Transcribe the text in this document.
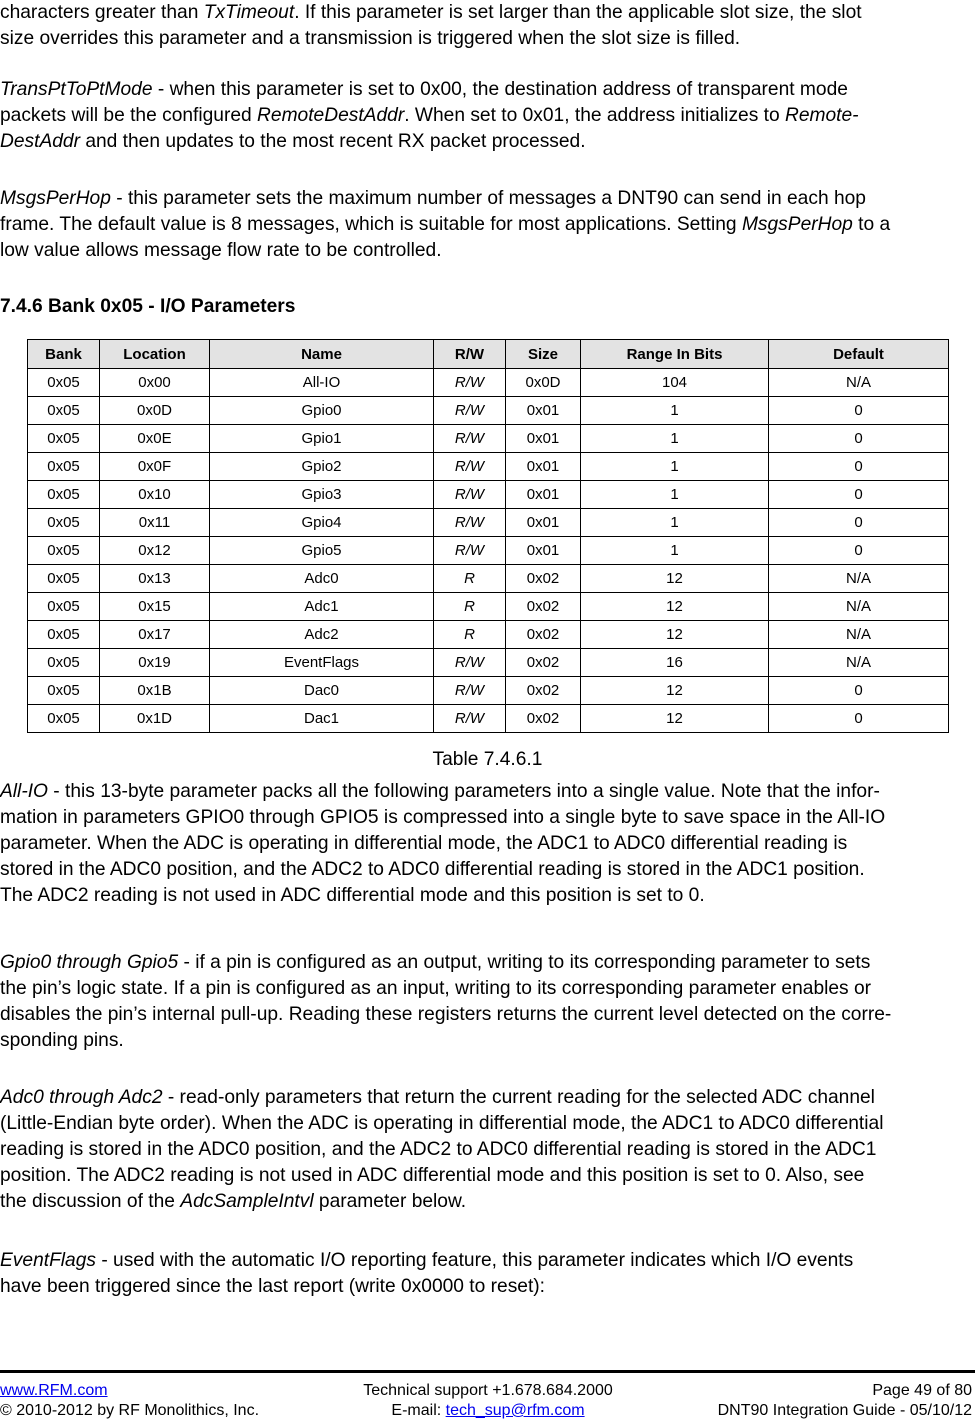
characters greater than TxTimeout. If this parameter is set larger than the applicable slot size, the slot
size overrides this parameter and a transmission is triggered when the slot size is filled.

TransPtToPtMode - when this parameter is set to 0x00, the destination address of transparent mode
packets will be the configured RemoteDestAddr. When set to 0x01, the address initializes to Remote-
DestAddr and then updates to the most recent RX packet processed.

MsgsPerHop - this parameter sets the maximum number of messages a DNT90 can send in each hop
frame. The default value is 8 messages, which is suitable for most applications. Setting MsgsPerHop to a
low value allows message flow rate to be controlled.

7.4.6 Bank 0x05 - I/O Parameters
Bank	Location	Name	R/W	Size	Range In Bits	Default
0x05	0x00	All-IO	R/W	0x0D	104	N/A
0x05	0x0D	Gpio0	R/W	0x01	1	0
0x05	0x0E	Gpio1	R/W	0x01	1	0
0x05	0x0F	Gpio2	R/W	0x01	1	0
0x05	0x10	Gpio3	R/W	0x01	1	0
0x05	0x11	Gpio4	R/W	0x01	1	0
0x05	0x12	Gpio5	R/W	0x01	1	0
0x05	0x13	Adc0	R	0x02	12	N/A
0x05	0x15	Adc1	R	0x02	12	N/A
0x05	0x17	Adc2	R	0x02	12	N/A
0x05	0x19	EventFlags	R/W	0x02	16	N/A
0x05	0x1B	Dac0	R/W	0x02	12	0
0x05	0x1D	Dac1	R/W	0x02	12	0

Table 7.4.6.1

All-IO - this 13-byte parameter packs all the following parameters into a single value. Note that the infor-
mation in parameters GPIO0 through GPIO5 is compressed into a single byte to save space in the All-IO
parameter. When the ADC is operating in differential mode, the ADC1 to ADC0 differential reading is
stored in the ADC0 position, and the ADC2 to ADC0 differential reading is stored in the ADC1 position.
The ADC2 reading is not used in ADC differential mode and this position is set to 0.

Gpio0 through Gpio5 - if a pin is configured as an output, writing to its corresponding parameter to sets
the pin’s logic state. If a pin is configured as an input, writing to its corresponding parameter enables or
disables the pin’s internal pull-up. Reading these registers returns the current level detected on the corre-
sponding pins.

Adc0 through Adc2 - read-only parameters that return the current reading for the selected ADC channel
(Little-Endian byte order). When the ADC is operating in differential mode, the ADC1 to ADC0 differential
reading is stored in the ADC0 position, and the ADC2 to ADC0 differential reading is stored in the ADC1
position. The ADC2 reading is not used in ADC differential mode and this position is set to 0. Also, see
the discussion of the AdcSampleIntvl parameter below.

EventFlags - used with the automatic I/O reporting feature, this parameter indicates which I/O events
have been triggered since the last report (write 0x0000 to reset):

www.RFM.com
© 2010-2012 by RF Monolithics, Inc.
Technical support +1.678.684.2000
E-mail: tech_sup@rfm.com
Page 49 of 80
DNT90 Integration Guide - 05/10/12
